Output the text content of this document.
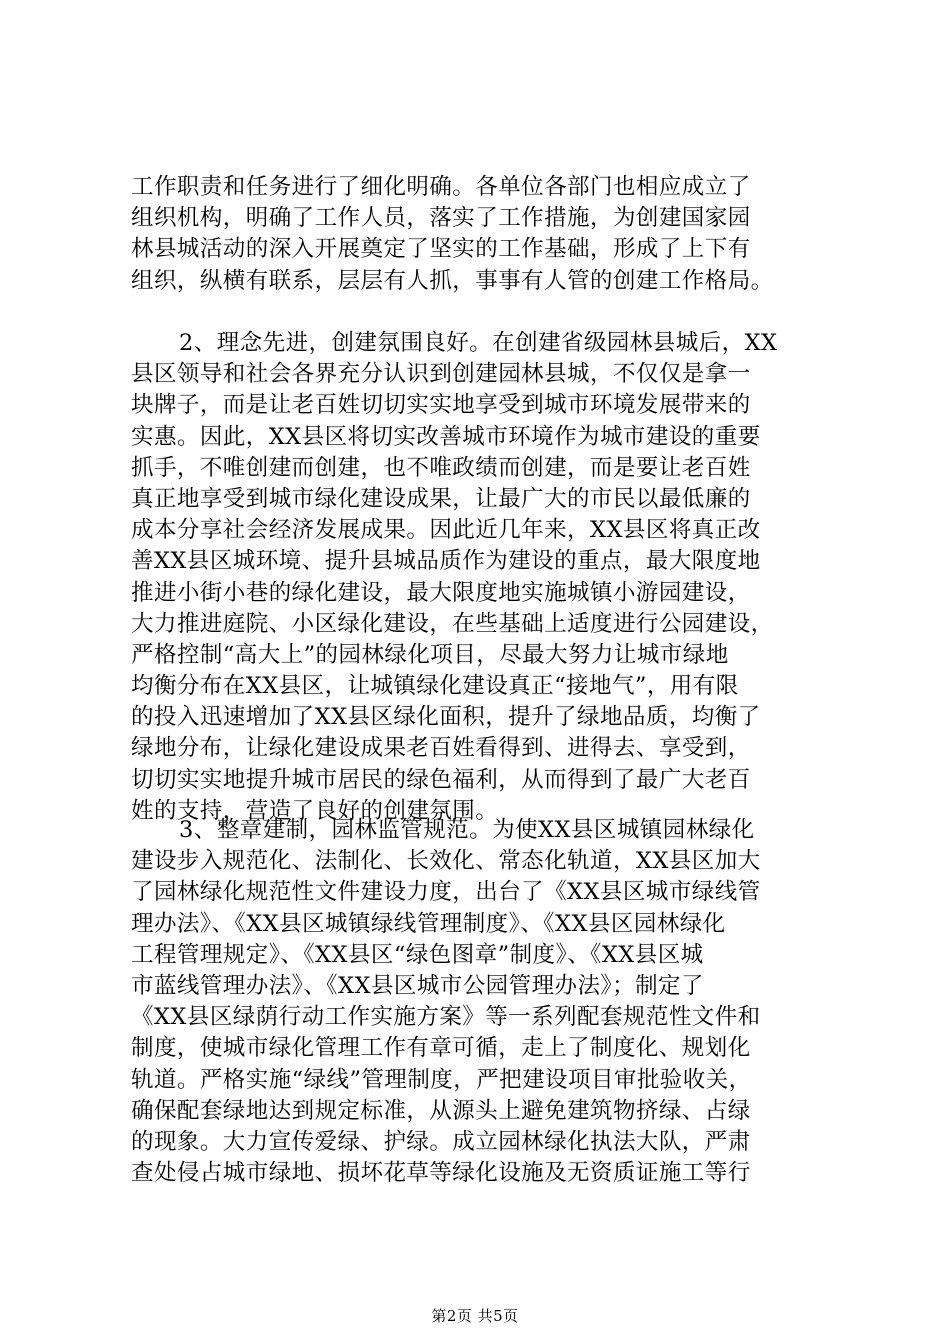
工作职责和任务进行了细化明确。各单位各部门也相应成立了
组织机构，明确了工作人员，落实了工作措施，为创建国家园
林县城活动的深入开展奠定了坚实的工作基础，形成了上下有
组织，纵横有联系，层层有人抓，事事有人管的创建工作格局。
2、理念先进，创建氛围良好。在创建省级园林县城后，XX
县区领导和社会各界充分认识到创建园林县城，不仅仅是拿一
块牌子，而是让老百姓切切实实地享受到城市环境发展带来的
实惠。因此，XX县区将切实改善城市环境作为城市建设的重要
抓手，不唯创建而创建，也不唯政绩而创建，而是要让老百姓
真正地享受到城市绿化建设成果，让最广大的市民以最低廉的
成本分享社会经济发展成果。因此近几年来，XX县区将真正改
善XX县区城环境、提升县城品质作为建设的重点，最大限度地
推进小街小巷的绿化建设，最大限度地实施城镇小游园建设，
大力推进庭院、小区绿化建设，在些基础上适度进行公园建设，
严格控制“高大上”的园林绿化项目，尽最大努力让城市绿地
均衡分布在XX县区，让城镇绿化建设真正“接地气”，用有限
的投入迅速增加了XX县区绿化面积，提升了绿地品质，均衡了
绿地分布，让绿化建设成果老百姓看得到、进得去、享受到，
切切实实地提升城市居民的绿色福利，从而得到了最广大老百
姓的支持，营造了良好的创建氛围。
3、整章建制，园林监管规范。为使XX县区城镇园林绿化
建设步入规范化、法制化、长效化、常态化轨道，XX县区加大
了园林绿化规范性文件建设力度，出台了《XX县区城市绿线管
理办法》、《XX县区城镇绿线管理制度》、《XX县区园林绿化
工程管理规定》、《XX县区“绿色图章”制度》、《XX县区城
市蓝线管理办法》、《XX县区城市公园管理办法》；制定了
《XX县区绿荫行动工作实施方案》等一系列配套规范性文件和
制度，使城市绿化管理工作有章可循，走上了制度化、规划化
轨道。严格实施“绿线”管理制度，严把建设项目审批验收关，
确保配套绿地达到规定标准，从源头上避免建筑物挤绿、占绿
的现象。大力宣传爱绿、护绿。成立园林绿化执法大队，严肃
查处侵占城市绿地、损坏花草等绿化设施及无资质证施工等行
第2页 共5页
